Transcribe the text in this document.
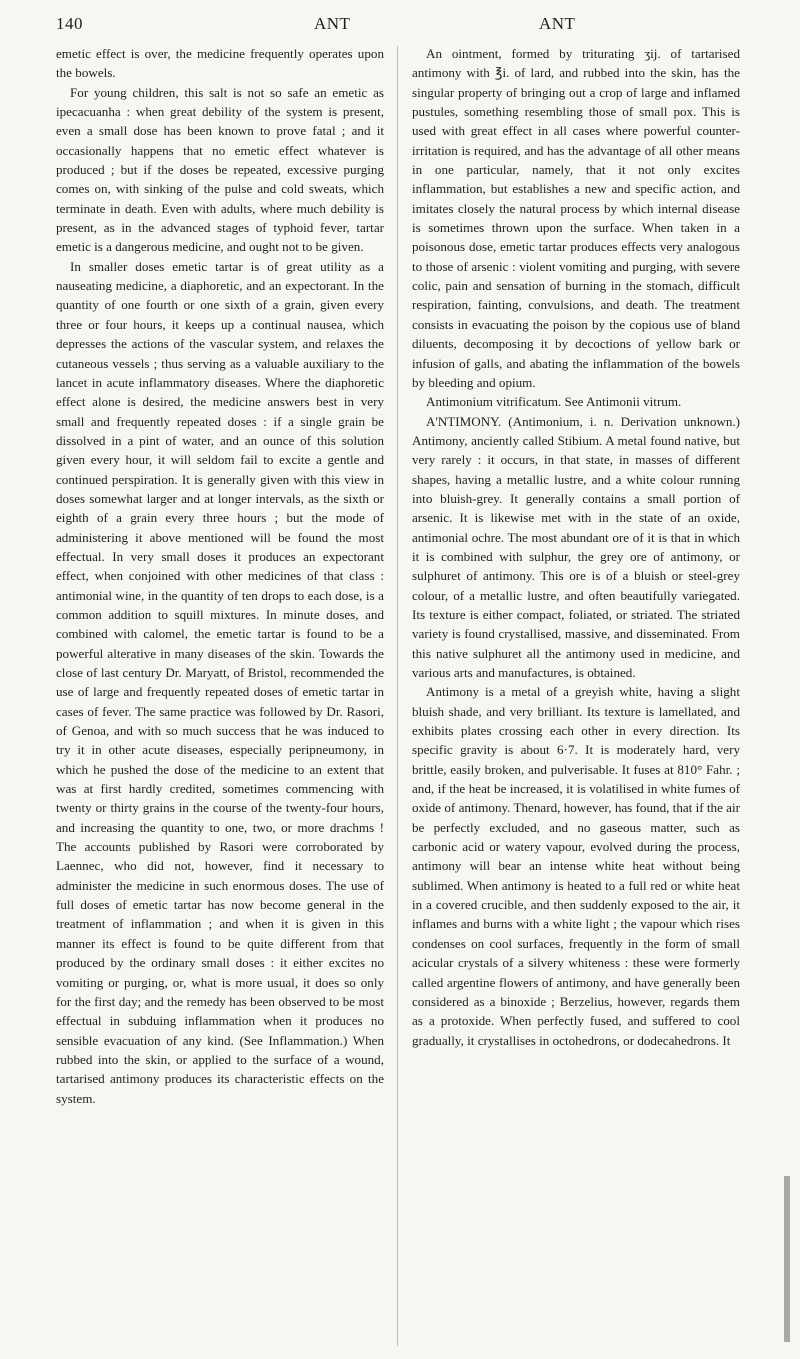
140	ANT	ANT

emetic effect is over, the medicine frequently operates upon the bowels.

For young children, this salt is not so safe an emetic as ipecacuanha : when great debility of the system is present, even a small dose has been known to prove fatal ; and it occasionally happens that no emetic effect whatever is produced ; but if the doses be repeated, excessive purging comes on, with sinking of the pulse and cold sweats, which terminate in death. Even with adults, where much debility is present, as in the advanced stages of typhoid fever, tartar emetic is a dangerous medicine, and ought not to be given.

In smaller doses emetic tartar is of great utility as a nauseating medicine, a diaphoretic, and an expectorant. In the quantity of one fourth or one sixth of a grain, given every three or four hours, it keeps up a continual nausea, which depresses the actions of the vascular system, and relaxes the cutaneous vessels ; thus serving as a valuable auxiliary to the lancet in acute inflammatory diseases. Where the diaphoretic effect alone is desired, the medicine answers best in very small and frequently repeated doses : if a single grain be dissolved in a pint of water, and an ounce of this solution given every hour, it will seldom fail to excite a gentle and continued perspiration. It is generally given with this view in doses somewhat larger and at longer intervals, as the sixth or eighth of a grain every three hours ; but the mode of administering it above mentioned will be found the most effectual. In very small doses it produces an expectorant effect, when conjoined with other medicines of that class : antimonial wine, in the quantity of ten drops to each dose, is a common addition to squill mixtures. In minute doses, and combined with calomel, the emetic tartar is found to be a powerful alterative in many diseases of the skin. Towards the close of last century Dr. Maryatt, of Bristol, recommended the use of large and frequently repeated doses of emetic tartar in cases of fever. The same practice was followed by Dr. Rasori, of Genoa, and with so much success that he was induced to try it in other acute diseases, especially peripneumony, in which he pushed the dose of the medicine to an extent that was at first hardly credited, sometimes commencing with twenty or thirty grains in the course of the twenty-four hours, and increasing the quantity to one, two, or more drachms ! The accounts published by Rasori were corroborated by Laennec, who did not, however, find it necessary to administer the medicine in such enormous doses. The use of full doses of emetic tartar has now become general in the treatment of inflammation ; and when it is given in this manner its effect is found to be quite different from that produced by the ordinary small doses : it either excites no vomiting or purging, or, what is more usual, it does so only for the first day; and the remedy has been observed to be most effectual in subduing inflammation when it produces no sensible evacuation of any kind. (See Inflammation.) When rubbed into the skin, or applied to the surface of a wound, tartarised antimony produces its characteristic effects on the system.

An ointment, formed by triturating ʒij. of tartarised antimony with ℥i. of lard, and rubbed into the skin, has the singular property of bringing out a crop of large and inflamed pustules, something resembling those of small pox. This is used with great effect in all cases where powerful counter-irritation is required, and has the advantage of all other means in one particular, namely, that it not only excites inflammation, but establishes a new and specific action, and imitates closely the natural process by which internal disease is sometimes thrown upon the surface. When taken in a poisonous dose, emetic tartar produces effects very analogous to those of arsenic : violent vomiting and purging, with severe colic, pain and sensation of burning in the stomach, difficult respiration, fainting, convulsions, and death. The treatment consists in evacuating the poison by the copious use of bland diluents, decomposing it by decoctions of yellow bark or infusion of galls, and abating the inflammation of the bowels by bleeding and opium.

Antimonium vitrificatum. See Antimonii vitrum.

A'NTIMONY. (Antimonium, i. n. Derivation unknown.) Antimony, anciently called Stibium. A metal found native, but very rarely : it occurs, in that state, in masses of different shapes, having a metallic lustre, and a white colour running into bluish-grey. It generally contains a small portion of arsenic. It is likewise met with in the state of an oxide, antimonial ochre. The most abundant ore of it is that in which it is combined with sulphur, the grey ore of antimony, or sulphuret of antimony. This ore is of a bluish or steel-grey colour, of a metallic lustre, and often beautifully variegated. Its texture is either compact, foliated, or striated. The striated variety is found crystallised, massive, and disseminated. From this native sulphuret all the antimony used in medicine, and various arts and manufactures, is obtained.

Antimony is a metal of a greyish white, having a slight bluish shade, and very brilliant. Its texture is lamellated, and exhibits plates crossing each other in every direction. Its specific gravity is about 6·7. It is moderately hard, very brittle, easily broken, and pulverisable. It fuses at 810° Fahr. ; and, if the heat be increased, it is volatilised in white fumes of oxide of antimony. Thenard, however, has found, that if the air be perfectly excluded, and no gaseous matter, such as carbonic acid or watery vapour, evolved during the process, antimony will bear an intense white heat without being sublimed. When antimony is heated to a full red or white heat in a covered crucible, and then suddenly exposed to the air, it inflames and burns with a white light ; the vapour which rises condenses on cool surfaces, frequently in the form of small acicular crystals of a silvery whiteness : these were formerly called argentine flowers of antimony, and have generally been considered as a binoxide ; Berzelius, however, regards them as a protoxide. When perfectly fused, and suffered to cool gradually, it crystallises in octohedrons, or dodecahedrons. It
